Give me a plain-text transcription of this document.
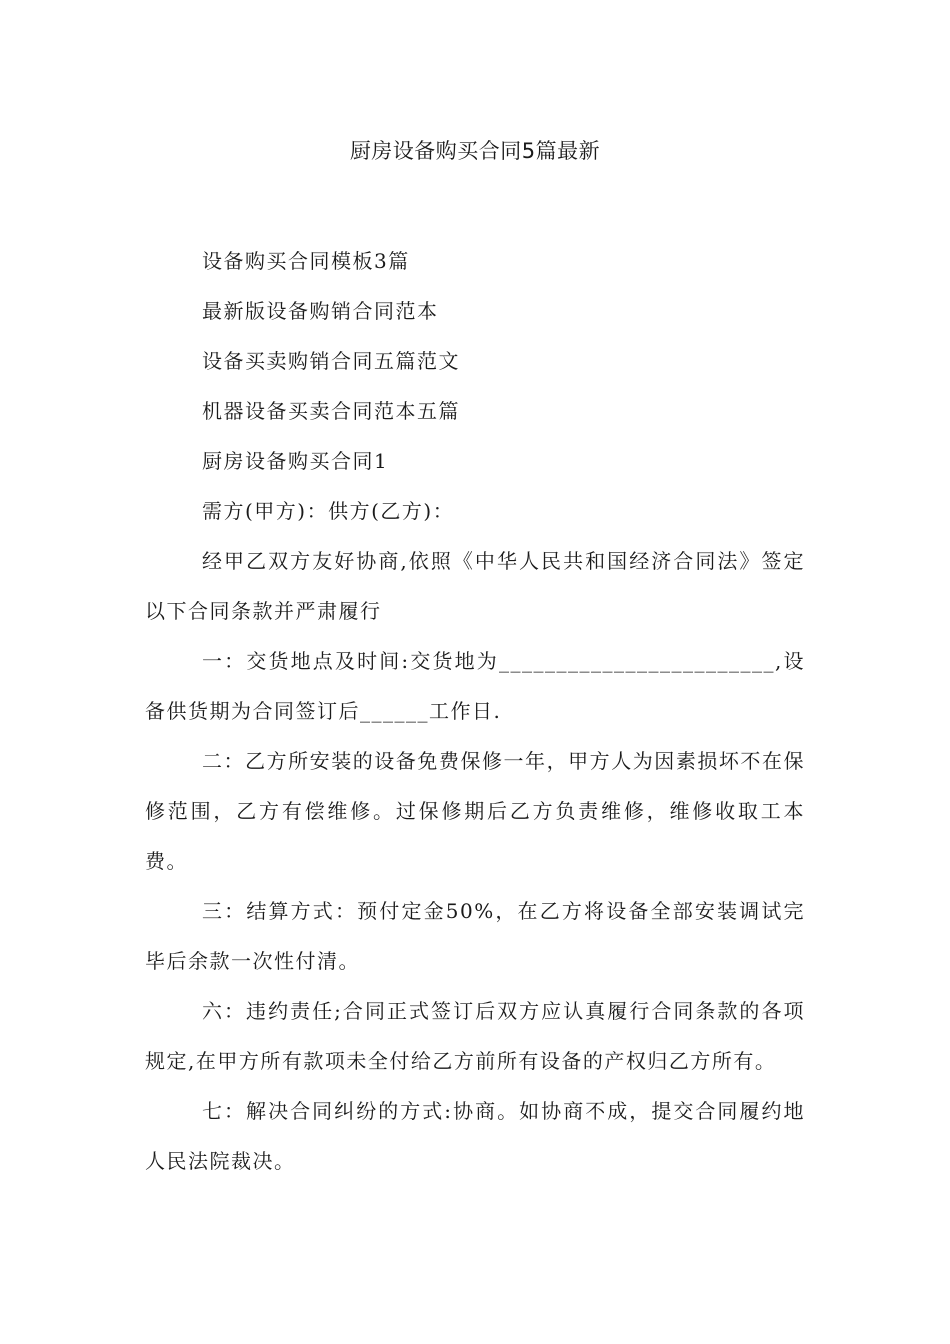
厨房设备购买合同5篇最新

设备购买合同模板3篇

最新版设备购销合同范本

设备买卖购销合同五篇范文

机器设备买卖合同范本五篇

厨房设备购买合同1

需方(甲方)：供方(乙方)：

经甲乙双方友好协商,依照《中华人民共和国经济合同法》签定以下合同条款并严肃履行

一：交货地点及时间:交货地为________________________,设备供货期为合同签订后______工作日.

二：乙方所安装的设备免费保修一年，甲方人为因素损坏不在保修范围，乙方有偿维修。过保修期后乙方负责维修，维修收取工本费。

三：结算方式：预付定金50%，在乙方将设备全部安装调试完毕后余款一次性付清。

六：违约责任;合同正式签订后双方应认真履行合同条款的各项规定,在甲方所有款项未全付给乙方前所有设备的产权归乙方所有。

七：解决合同纠纷的方式:协商。如协商不成，提交合同履约地人民法院裁决。
